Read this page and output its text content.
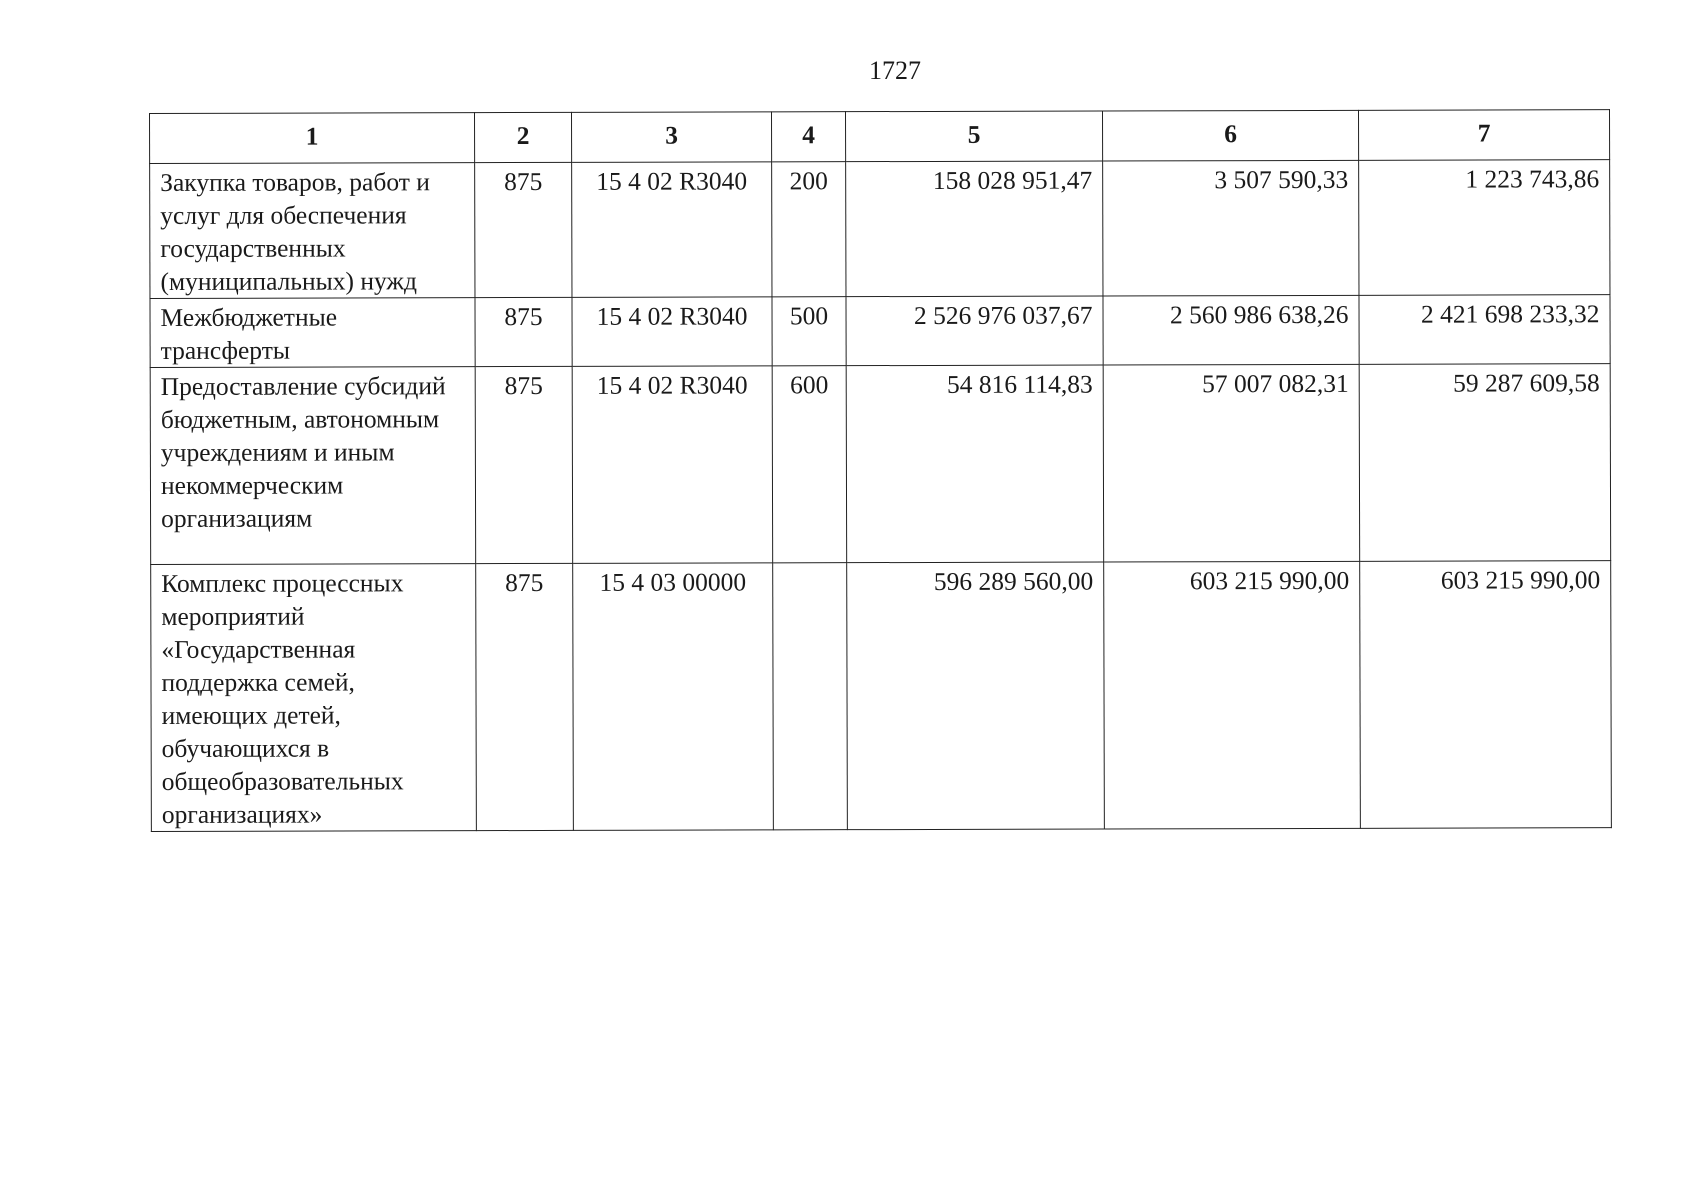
1727
1	2	3	4	5	6	7
Закупка товаров, работ и услуг для обеспечения государственных (муниципальных) нужд	875	15 4 02 R3040	200	158 028 951,47	3 507 590,33	1 223 743,86
Межбюджетные трансферты	875	15 4 02 R3040	500	2 526 976 037,67	2 560 986 638,26	2 421 698 233,32
Предоставление субсидий бюджетным, автономным учреждениям и иным некоммерческим организациям	875	15 4 02 R3040	600	54 816 114,83	57 007 082,31	59 287 609,58
Комплекс процессных мероприятий «Государственная поддержка семей, имеющих детей, обучающихся в общеобразовательных организациях»	875	15 4 03 00000		596 289 560,00	603 215 990,00	603 215 990,00
